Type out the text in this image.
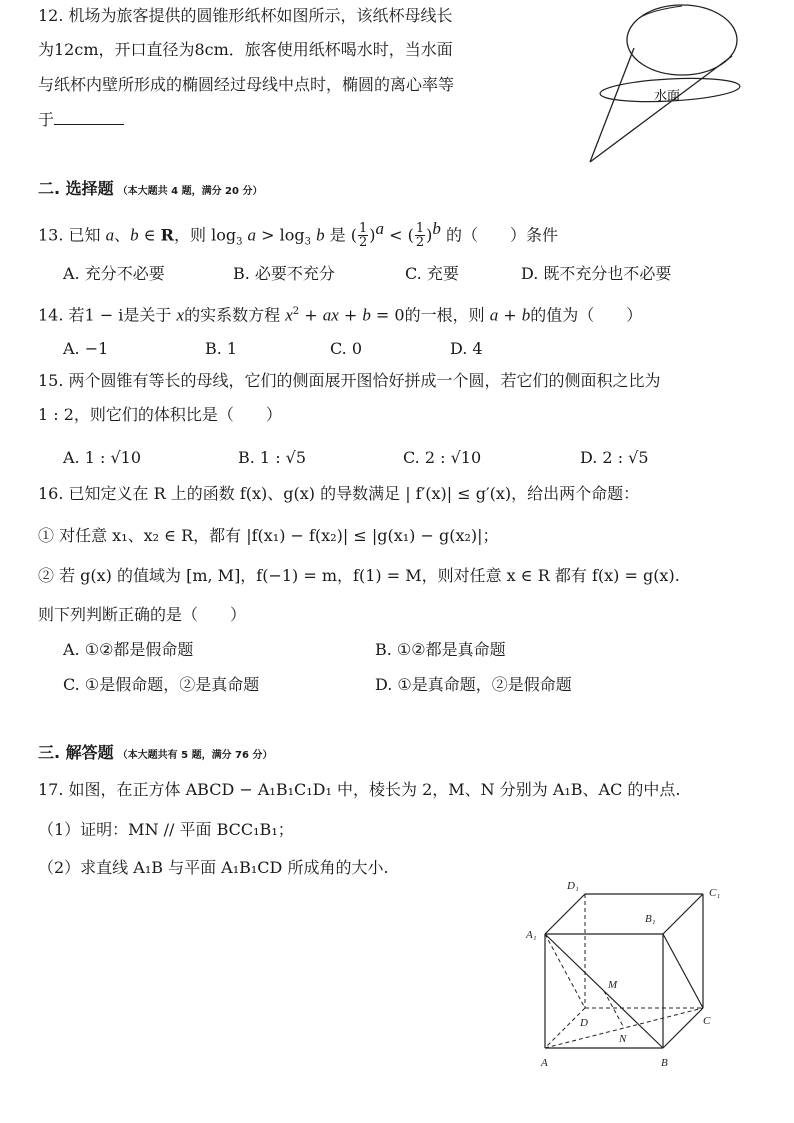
12. 机场为旅客提供的圆锥形纸杯如图所示，该纸杯母线长
为12cm，开口直径为8cm．旅客使用纸杯喝水时，当水面
与纸杯内壁所形成的椭圆经过母线中点时，椭圆的离心率等
于
水面
二. 选择题 （本大题共 4 题，满分 20 分）
13. 已知 a、b ∈ R，则 $\log_3 a > \log_3 b$ 是 ( $\frac{1}{2} )^a$ < ( $\frac{1}{2} )^b$ 的（　　）条件
A. 充分不必要	B. 必要不充分	C. 充要	D. 既不充分也不必要
14. 若1 − i是关于 x的实系数方程 $x^2$ + ax + b = 0的一根，则 a + b的值为（　　）
A. −1	B. 1	C. 0	D. 4
15. 两个圆锥有等长的母线，它们的侧面展开图恰好拼成一个圆，若它们的侧面积之比为
1 : 2，则它们的体积比是（　　）
A. 1 : √10	B. 1 : √5	C. 2 : √10	D. 2 : √5
16. 已知定义在 R 上的函数 f(x)、g(x) 的导数满足 | f′(x)| ≤ g′(x)，给出两个命题：
① 对任意 x₁、x₂ ∈ R，都有 |f(x₁) − f(x₂)| ≤ |g(x₁) − g(x₂)|；
② 若 g(x) 的值域为 [m, M]，f(−1) = m，f(1) = M，则对任意 x ∈ R 都有 f(x) = g(x).
则下列判断正确的是（　　）
A. ①②都是假命题	B. ①②都是真命题
C. ①是假命题，②是真命题	D. ①是真命题，②是假命题
三. 解答题 （本大题共有 5 题，满分 76 分）
17. 如图，在正方体 ABCD − A₁B₁C₁D₁ 中，棱长为 2，M、N 分别为 A₁B、AC 的中点.
（1）证明：MN // 平面 BCC₁B₁；
（2）求直线 A₁B 与平面 A₁B₁CD 所成角的大小.
A₁
D₁
B₁
C₁
M
D
N
C
A	B
